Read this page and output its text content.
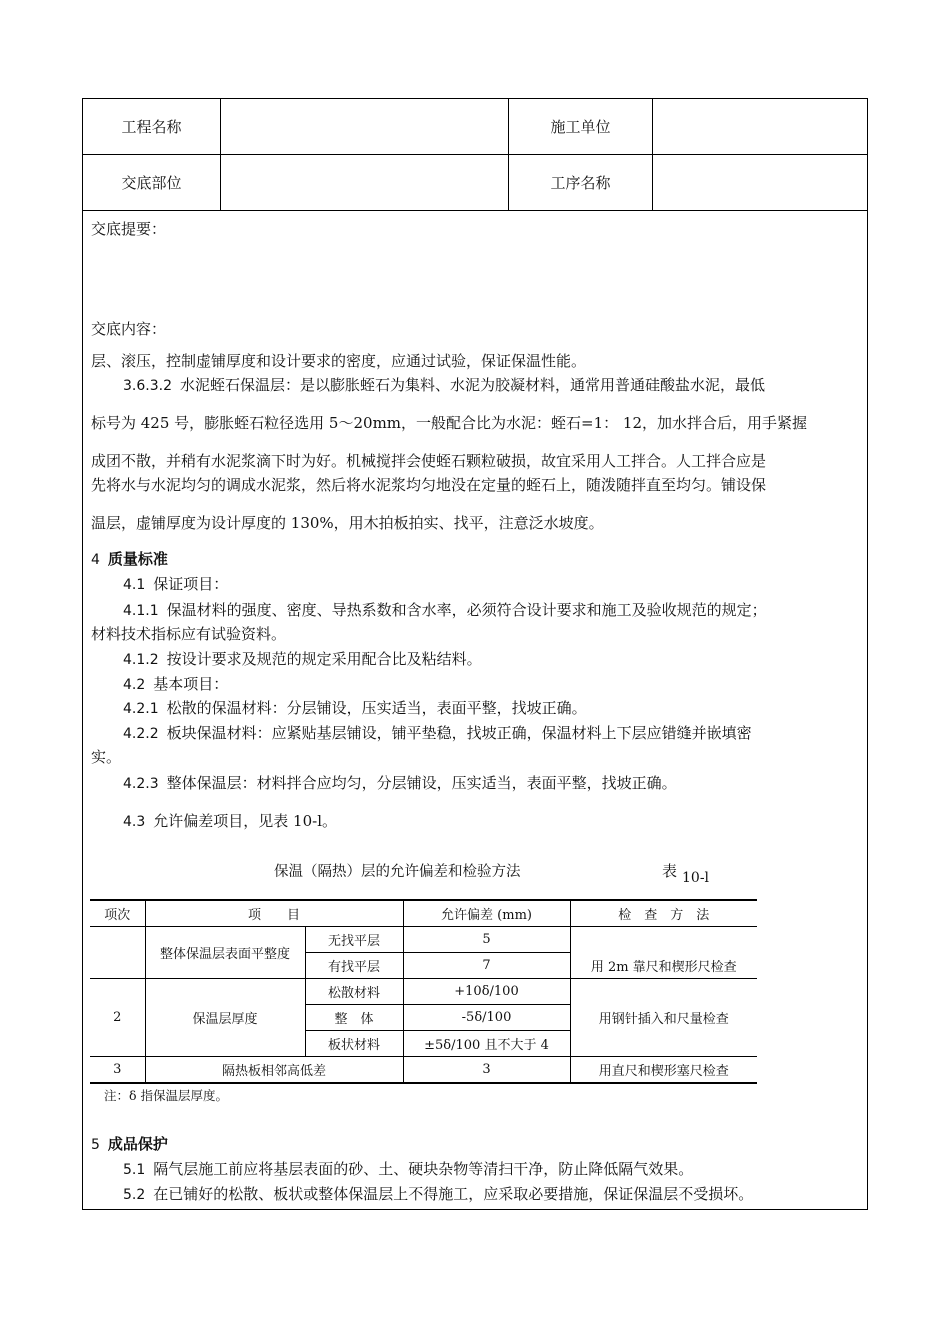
工程名称	施工单位
交底部位	工序名称
交底提要：
交底内容：
层、滚压，控制虚铺厚度和设计要求的密度，应通过试验，保证保温性能。
3.6.3.2 水泥蛭石保温层：是以膨胀蛭石为集料、水泥为胶凝材料，通常用普通硅酸盐水泥，最低
标号为 425 号，膨胀蛭石粒径选用 5～20mm，一般配合比为水泥：蛭石=1： 12，加水拌合后，用手紧握
成团不散，并稍有水泥浆滴下时为好。机械搅拌会使蛭石颗粒破损，故宜采用人工拌合。人工拌合应是
先将水与水泥均匀的调成水泥浆，然后将水泥浆均匀地没在定量的蛭石上，随泼随拌直至均匀。铺设保
温层，虚铺厚度为设计厚度的 130%，用木拍板拍实、找平，注意泛水坡度。
4 质量标准
4.1 保证项目：
4.1.1 保温材料的强度、密度、导热系数和含水率，必须符合设计要求和施工及验收规范的规定；
材料技术指标应有试验资料。
4.1.2 按设计要求及规范的规定采用配合比及粘结料。
4.2 基本项目：
4.2.1 松散的保温材料：分层铺设，压实适当，表面平整，找坡正确。
4.2.2 板块保温材料：应紧贴基层铺设，铺平垫稳，找坡正确，保温材料上下层应错缝并嵌填密
实。
4.2.3 整体保温层：材料拌合应均匀，分层铺设，压实适当，表面平整，找坡正确。
4.3 允许偏差项目，见表 10-l。
5 成品保护
5.1 隔气层施工前应将基层表面的砂、土、硬块杂物等清扫干净，防止降低隔气效果。
5.2 在已铺好的松散、板状或整体保温层上不得施工，应采取必要措施，保证保温层不受损坏。
保温（隔热）层的允许偏差和检验方法	表 10-l
项次	项　　目		允许偏差 (mm)	检　查　方　法
	整体保温层表面平整度	无找平层	5	用 2m 靠尺和楔形尺检查
		有找平层	7	
2	保温层厚度	松散材料	+10δ/100	用钢针插入和尺量检查
		整　体	-5δ/100	
		板状材料	±5δ/100 且不大于 4	
3	隔热板相邻高低差		3	用直尺和楔形塞尺检查
注：δ 指保温层厚度。
